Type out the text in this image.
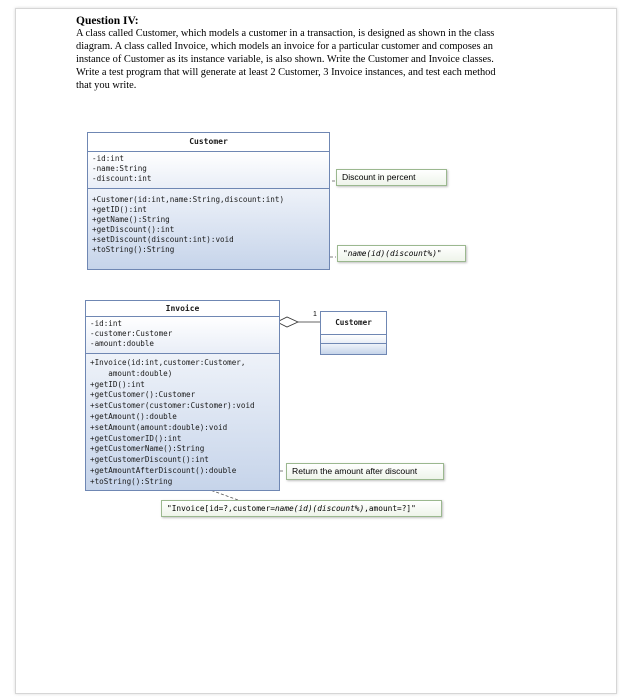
Question IV:
A class called Customer, which models a customer in a transaction, is designed as shown in the class
diagram. A class called Invoice, which models an invoice for a particular customer and composes an
instance of Customer as its instance variable, is also shown. Write the Customer and Invoice classes.
Write a test program that will generate at least 2 Customer, 3 Invoice instances, and test each method
that you write.
Customer
-id:int
-name:String
-discount:int
+Customer(id:int,name:String,discount:int)
+getID():int
+getName():String
+getDiscount():int
+setDiscount(discount:int):void
+toString():String
Discount in percent
"name(id)(discount%)"
Invoice
-id:int
-customer:Customer
-amount:double
+Invoice(id:int,customer:Customer,
amount:double)
+getID():int
+getCustomer():Customer
+setCustomer(customer:Customer):void
+getAmount():double
+setAmount(amount:double):void
+getCustomerID():int
+getCustomerName():String
+getCustomerDiscount():int
+getAmountAfterDiscount():double
+toString():String
Customer
1
Return the amount after discount
"Invoice[id=?,customer=name(id)(discount%),amount=?]"
